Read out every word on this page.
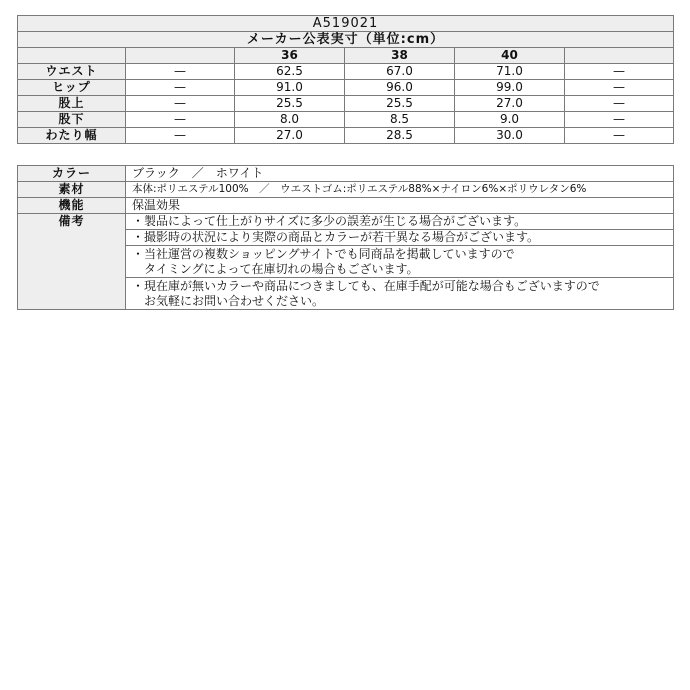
A519021					
メーカー公表実寸（単位:cm）					
		36	38	40	
ウエスト	—	62.5	67.0	71.0	—
ヒップ	—	91.0	96.0	99.0	—
股上	—	25.5	25.5	27.0	—
股下	—	8.0	8.5	9.0	—
わたり幅	—	27.0	28.5	30.0	—
カラー	ブラック　／　ホワイト
素材	本体:ポリエステル100%　／　ウエストゴム:ポリエステル88%×ナイロン6%×ポリウレタン6%
機能	保温効果
備考	・製品によって仕上がりサイズに多少の誤差が生じる場合がございます。

	・撮影時の状況により実際の商品とカラーが若干異なる場合がございます。

	・当社運営の複数ショッピングサイトでも同商品を掲載していますので
　タイミングによって在庫切れの場合もございます。

	・現在庫が無いカラーや商品につきましても、在庫手配が可能な場合もございますので
　お気軽にお問い合わせください。
